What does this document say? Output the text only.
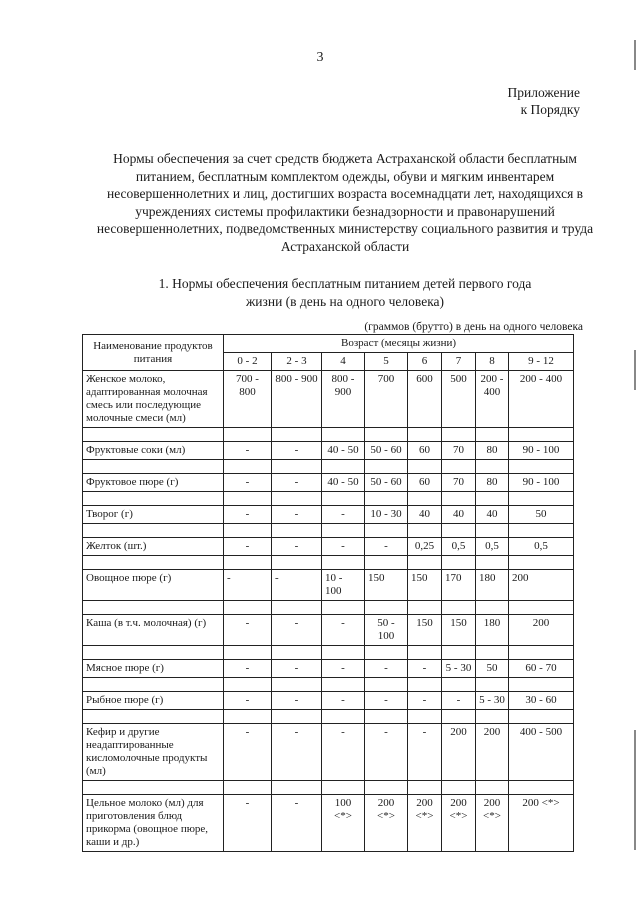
3
Приложение
к Порядку
Нормы обеспечения за счет средств бюджета Астраханской области бесплатным питанием, бесплатным комплектом одежды, обуви и мягким инвентарем несовершеннолетних и лиц, достигших возраста восемнадцати лет, находящихся в учреждениях системы профилактики безнадзорности и правонарушений несовершеннолетних, подведомственных министерству социального развития и труда Астраханской области
1. Нормы обеспечения бесплатным питанием детей первого года жизни (в день на одного человека)
(граммов (брутто) в день на одного человека
Наименование продуктов питания	Возраст (месяцы жизни)							
	0 - 2	2 - 3	4	5	6	7	8	9 - 12
Женское молоко, адаптированная молочная смесь или последующие молочные смеси (мл)	700 - 800	800 - 900	800 - 900	700	600	500	200 - 400	200 - 400

Фруктовые соки (мл)	-	-	40 - 50	50 - 60	60	70	80	90 - 100

Фруктовое пюре (г)	-	-	40 - 50	50 - 60	60	70	80	90 - 100

Творог (г)	-	-	-	10 - 30	40	40	40	50

Желток (шт.)	-	-	-	-	0,25	0,5	0,5	0,5

Овощное пюре (г)	-	-	10 - 100	150	150	170	180	200

Каша (в т.ч. молочная) (г)	-	-	-	50 - 100	150	150	180	200

Мясное пюре (г)	-	-	-	-	-	5 - 30	50	60 - 70

Рыбное пюре (г)	-	-	-	-	-	-	5 - 30	30 - 60

Кефир и другие неадаптированные кисломолочные продукты (мл)	-	-	-	-	-	200	200	400 - 500

Цельное молоко (мл) для приготовления блюд прикорма (овощное пюре, каши и др.)	-	-	100 <*>	200 <*>	200 <*>	200 <*>	200 <*>	200 <*>
